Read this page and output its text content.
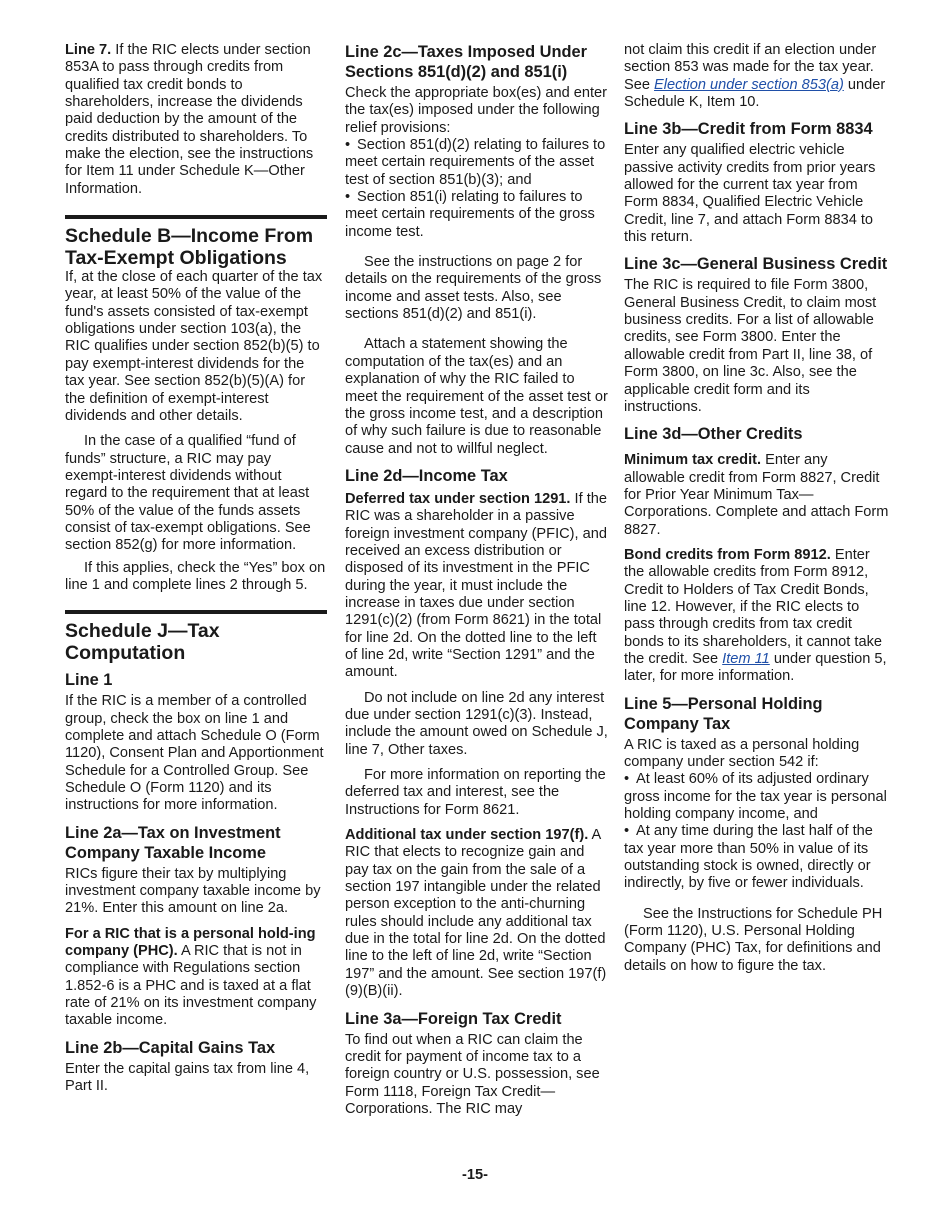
Line 7. If the RIC elects under section 853A to pass through credits from qualified tax credit bonds to shareholders, increase the dividends paid deduction by the amount of the credits distributed to shareholders. To make the election, see the instructions for Item 11 under Schedule K—Other Information.

Schedule B—Income From Tax-Exempt Obligations

If, at the close of each quarter of the tax year, at least 50% of the value of the fund's assets consisted of tax-exempt obligations under section 103(a), the RIC qualifies under section 852(b)(5) to pay exempt-interest dividends for the tax year. See section 852(b)(5)(A) for the definition of exempt-interest dividends and other details.

In the case of a qualified “fund of funds” structure, a RIC may pay exempt-interest dividends without regard to the requirement that at least 50% of the value of the funds assets consist of tax-exempt obligations. See section 852(g) for more information.

If this applies, check the “Yes” box on line 1 and complete lines 2 through 5.

Schedule J—Tax Computation
Line 1

If the RIC is a member of a controlled group, check the box on line 1 and complete and attach Schedule O (Form 1120), Consent Plan and Apportionment Schedule for a Controlled Group. See Schedule O (Form 1120) and its instructions for more information.

Line 2a—Tax on Investment Company Taxable Income

RICs figure their tax by multiplying investment company taxable income by 21%. Enter this amount on line 2a.

For a RIC that is a personal hold-ing company (PHC). A RIC that is not in compliance with Regulations section 1.852-6 is a PHC and is taxed at a flat rate of 21% on its investment company taxable income.

Line 2b—Capital Gains Tax

Enter the capital gains tax from line 4, Part II.

Line 2c—Taxes Imposed Under Sections 851(d)(2) and 851(i)

Check the appropriate box(es) and enter the tax(es) imposed under the following relief provisions:

• Section 851(d)(2) relating to failures to meet certain requirements of the asset test of section 851(b)(3); and

• Section 851(i) relating to failures to meet certain requirements of the gross income test.

See the instructions on page 2 for details on the requirements of the gross income and asset tests. Also, see sections 851(d)(2) and 851(i).

Attach a statement showing the computation of the tax(es) and an explanation of why the RIC failed to meet the requirement of the asset test or the gross income test, and a description of why such failure is due to reasonable cause and not to willful neglect.

Line 2d—Income Tax

Deferred tax under section 1291. If the RIC was a shareholder in a passive foreign investment company (PFIC), and received an excess distribution or disposed of its investment in the PFIC during the year, it must include the increase in taxes due under section 1291(c)(2) (from Form 8621) in the total for line 2d. On the dotted line to the left of line 2d, write “Section 1291” and the amount.

Do not include on line 2d any interest due under section 1291(c)(3). Instead, include the amount owed on Schedule J, line 7, Other taxes.

For more information on reporting the deferred tax and interest, see the Instructions for Form 8621.

Additional tax under section 197(f). A RIC that elects to recognize gain and pay tax on the gain from the sale of a section 197 intangible under the related person exception to the anti-churning rules should include any additional tax due in the total for line 2d. On the dotted line to the left of line 2d, write “Section 197” and the amount. See section 197(f)(9)(B)(ii).

Line 3a—Foreign Tax Credit

To find out when a RIC can claim the credit for payment of income tax to a foreign country or U.S. possession, see Form 1118, Foreign Tax Credit—Corporations. The RIC may

not claim this credit if an election under section 853 was made for the tax year. See Election under section 853(a) under Schedule K, Item 10.

Line 3b—Credit from Form 8834

Enter any qualified electric vehicle passive activity credits from prior years allowed for the current tax year from Form 8834, Qualified Electric Vehicle Credit, line 7, and attach Form 8834 to this return.

Line 3c—General Business Credit

The RIC is required to file Form 3800, General Business Credit, to claim most business credits. For a list of allowable credits, see Form 3800. Enter the allowable credit from Part II, line 38, of Form 3800, on line 3c. Also, see the applicable credit form and its instructions.

Line 3d—Other Credits

Minimum tax credit. Enter any allowable credit from Form 8827, Credit for Prior Year Minimum Tax—Corporations. Complete and attach Form 8827.

Bond credits from Form 8912. Enter the allowable credits from Form 8912, Credit to Holders of Tax Credit Bonds, line 12. However, if the RIC elects to pass through credits from tax credit bonds to its shareholders, it cannot take the credit. See Item 11 under question 5, later, for more information.

Line 5—Personal Holding Company Tax

A RIC is taxed as a personal holding company under section 542 if:

• At least 60% of its adjusted ordinary gross income for the tax year is personal holding company income, and

• At any time during the last half of the tax year more than 50% in value of its outstanding stock is owned, directly or indirectly, by five or fewer individuals.

See the Instructions for Schedule PH (Form 1120), U.S. Personal Holding Company (PHC) Tax, for definitions and details on how to figure the tax.

-15-
